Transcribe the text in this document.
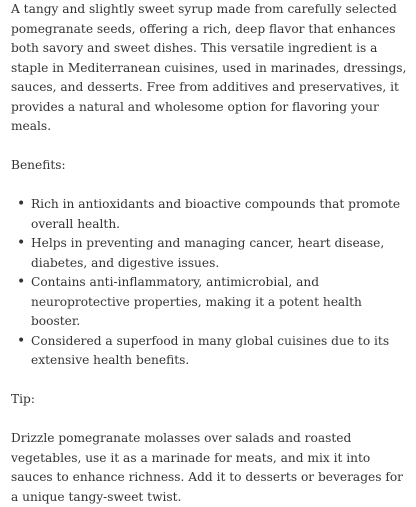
A tangy and slightly sweet syrup made from carefully selected pomegranate seeds, offering a rich, deep flavor that enhances both savory and sweet dishes. This versatile ingredient is a staple in Mediterranean cuisines, used in marinades, dressings, sauces, and desserts. Free from additives and preservatives, it provides a natural and wholesome option for flavoring your meals.

Benefits:

•
Rich in antioxidants and bioactive compounds that promote overall health.
•
Helps in preventing and managing cancer, heart disease, diabetes, and digestive issues.
•
Contains anti-inflammatory, antimicrobial, and neuroprotective properties, making it a potent health booster.
•
Considered a superfood in many global cuisines due to its extensive health benefits.

Tip:

Drizzle pomegranate molasses over salads and roasted vegetables, use it as a marinade for meats, and mix it into sauces to enhance richness. Add it to desserts or beverages for a unique tangy-sweet twist.
